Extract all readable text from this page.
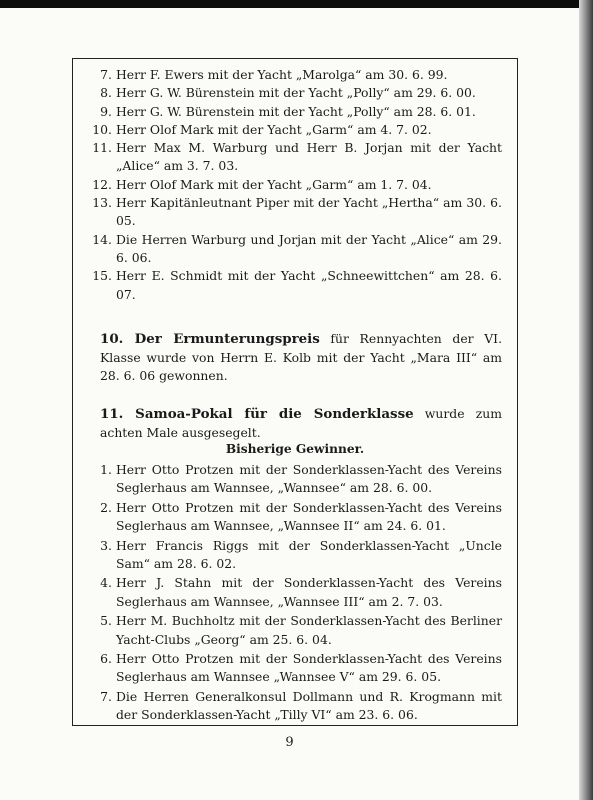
7. Herr F. Ewers mit der Yacht „Marolga“ am 30. 6. 99.
8. Herr G. W. Bürenstein mit der Yacht „Polly“ am 29. 6. 00.
9. Herr G. W. Bürenstein mit der Yacht „Polly“ am 28. 6. 01.
10. Herr Olof Mark mit der Yacht „Garm“ am 4. 7. 02.
11. Herr Max M. Warburg und Herr B. Jorjan mit der Yacht „Alice“ am 3. 7. 03.
12. Herr Olof Mark mit der Yacht „Garm“ am 1. 7. 04.
13. Herr Kapitänleutnant Piper mit der Yacht „Hertha“ am 30. 6. 05.
14. Die Herren Warburg und Jorjan mit der Yacht „Alice“ am 29. 6. 06.
15. Herr E. Schmidt mit der Yacht „Schneewittchen“ am 28. 6. 07.
10. Der Ermunterungspreis für Rennyachten der VI. Klasse wurde von Herrn E. Kolb mit der Yacht „Mara III“ am 28. 6. 06 gewonnen.
11. Samoa-Pokal für die Sonderklasse wurde zum achten Male ausgesegelt.
Bisherige Gewinner.
1. Herr Otto Protzen mit der Sonderklassen-Yacht des Vereins Seglerhaus am Wannsee, „Wannsee“ am 28. 6. 00.
2. Herr Otto Protzen mit der Sonderklassen-Yacht des Vereins Seglerhaus am Wannsee, „Wannsee II“ am 24. 6. 01.
3. Herr Francis Riggs mit der Sonderklassen-Yacht „Uncle Sam“ am 28. 6. 02.
4. Herr J. Stahn mit der Sonderklassen-Yacht des Vereins Seglerhaus am Wannsee, „Wannsee III“ am 2. 7. 03.
5. Herr M. Buchholtz mit der Sonderklassen-Yacht des Berliner Yacht-Clubs „Georg“ am 25. 6. 04.
6. Herr Otto Protzen mit der Sonderklassen-Yacht des Vereins Seglerhaus am Wannsee „Wannsee V“ am 29. 6. 05.
7. Die Herren Generalkonsul Dollmann und R. Krogmann mit der Sonderklassen-Yacht „Tilly VI“ am 23. 6. 06.
9
